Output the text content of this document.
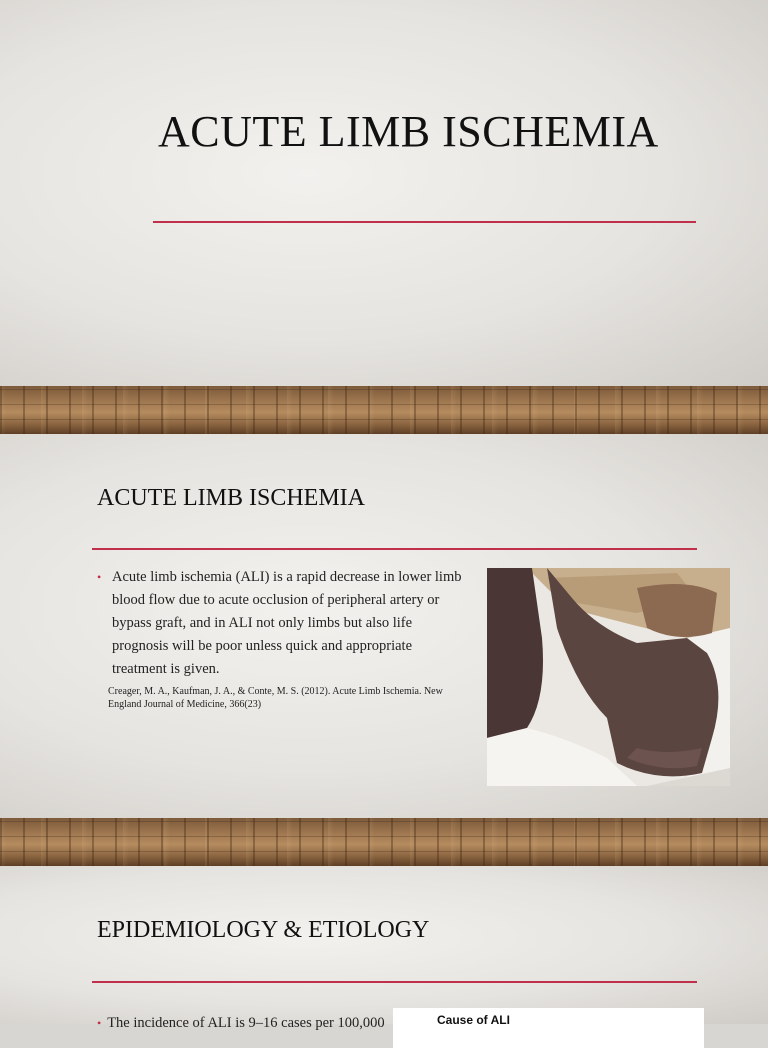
ACUTE LIMB ISCHEMIA
ACUTE LIMB ISCHEMIA
• Acute limb ischemia (ALI) is a rapid decrease in lower limb blood flow due to acute occlusion of peripheral artery or bypass graft, and in ALI not only limbs but also life prognosis will be poor unless quick and appropriate treatment is given.
Creager, M. A., Kaufman, J. A., & Conte, M. S. (2012). Acute Limb Ischemia. New England Journal of Medicine, 366(23)
EPIDEMIOLOGY & ETIOLOGY
• The incidence of ALI is 9–16 cases per 100,000	Cause of ALI
